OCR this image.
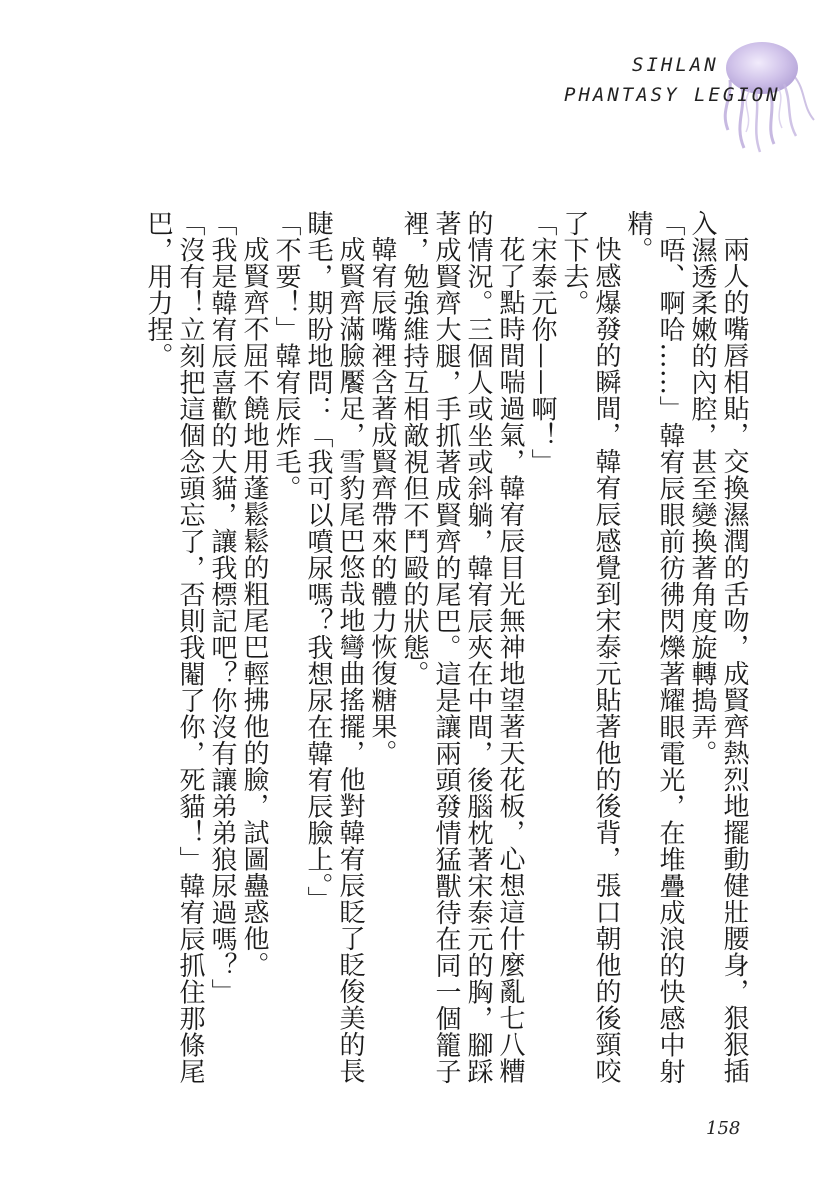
SIHLAN
PHANTASY LEGION

兩人的嘴唇相貼，交換濕潤的舌吻，成賢齊熱烈地擺動健壯腰身，狠狠插入濕透柔嫩的內腔，甚至變換著角度旋轉搗弄。

「唔、啊哈……」韓宥辰眼前彷彿閃爍著耀眼電光，在堆疊成浪的快感中射精。

快感爆發的瞬間，韓宥辰感覺到宋泰元貼著他的後背，張口朝他的後頸咬了下去。

「宋泰元你——啊！」

花了點時間喘過氣，韓宥辰目光無神地望著天花板，心想這什麼亂七八糟的情況。三個人或坐或斜躺，韓宥辰夾在中間，後腦枕著宋泰元的胸，腳踩著成賢齊大腿，手抓著成賢齊的尾巴。這是讓兩頭發情猛獸待在同一個籠子裡，勉強維持互相敵視但不鬥毆的狀態。

韓宥辰嘴裡含著成賢齊帶來的體力恢復糖果。

成賢齊滿臉饜足，雪豹尾巴悠哉地彎曲搖擺，他對韓宥辰眨了眨俊美的長睫毛，期盼地問：「我可以噴尿嗎？我想尿在韓宥辰臉上。」

「不要！」韓宥辰炸毛。

成賢齊不屈不饒地用蓬鬆鬆的粗尾巴輕拂他的臉，試圖蠱惑他。

「我是韓宥辰喜歡的大貓，讓我標記吧？你沒有讓弟弟狼尿過嗎？」

「沒有！立刻把這個念頭忘了，否則我閹了你，死貓！」韓宥辰抓住那條尾巴，用力捏。

158
